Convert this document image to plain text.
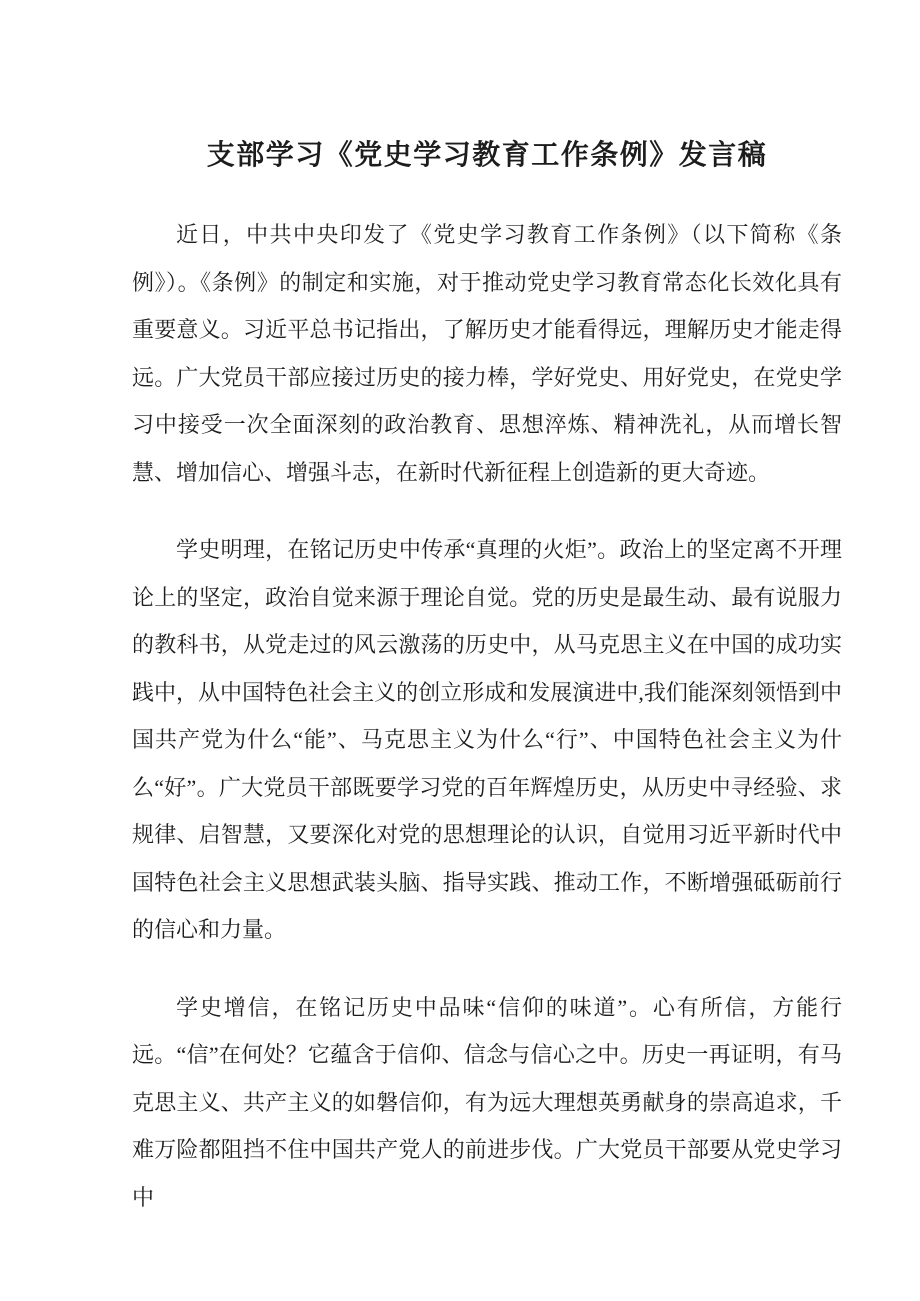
支部学习《党史学习教育工作条例》发言稿

近日，中共中央印发了《党史学习教育工作条例》（以下简称《条例》）。《条例》的制定和实施，对于推动党史学习教育常态化长效化具有重要意义。习近平总书记指出，了解历史才能看得远，理解历史才能走得远。广大党员干部应接过历史的接力棒，学好党史、用好党史，在党史学习中接受一次全面深刻的政治教育、思想淬炼、精神洗礼，从而增长智慧、增加信心、增强斗志，在新时代新征程上创造新的更大奇迹。

学史明理，在铭记历史中传承“真理的火炬”。政治上的坚定离不开理论上的坚定，政治自觉来源于理论自觉。党的历史是最生动、最有说服力的教科书，从党走过的风云激荡的历史中，从马克思主义在中国的成功实践中，从中国特色社会主义的创立形成和发展演进中,我们能深刻领悟到中国共产党为什么“能”、马克思主义为什么“行”、中国特色社会主义为什么“好”。广大党员干部既要学习党的百年辉煌历史，从历史中寻经验、求规律、启智慧，又要深化对党的思想理论的认识，自觉用习近平新时代中国特色社会主义思想武装头脑、指导实践、推动工作，不断增强砥砺前行的信心和力量。

学史增信，在铭记历史中品味“信仰的味道”。心有所信，方能行远。“信”在何处？它蕴含于信仰、信念与信心之中。历史一再证明，有马克思主义、共产主义的如磐信仰，有为远大理想英勇献身的崇高追求，千难万险都阻挡不住中国共产党人的前进步伐。广大党员干部要从党史学习中
